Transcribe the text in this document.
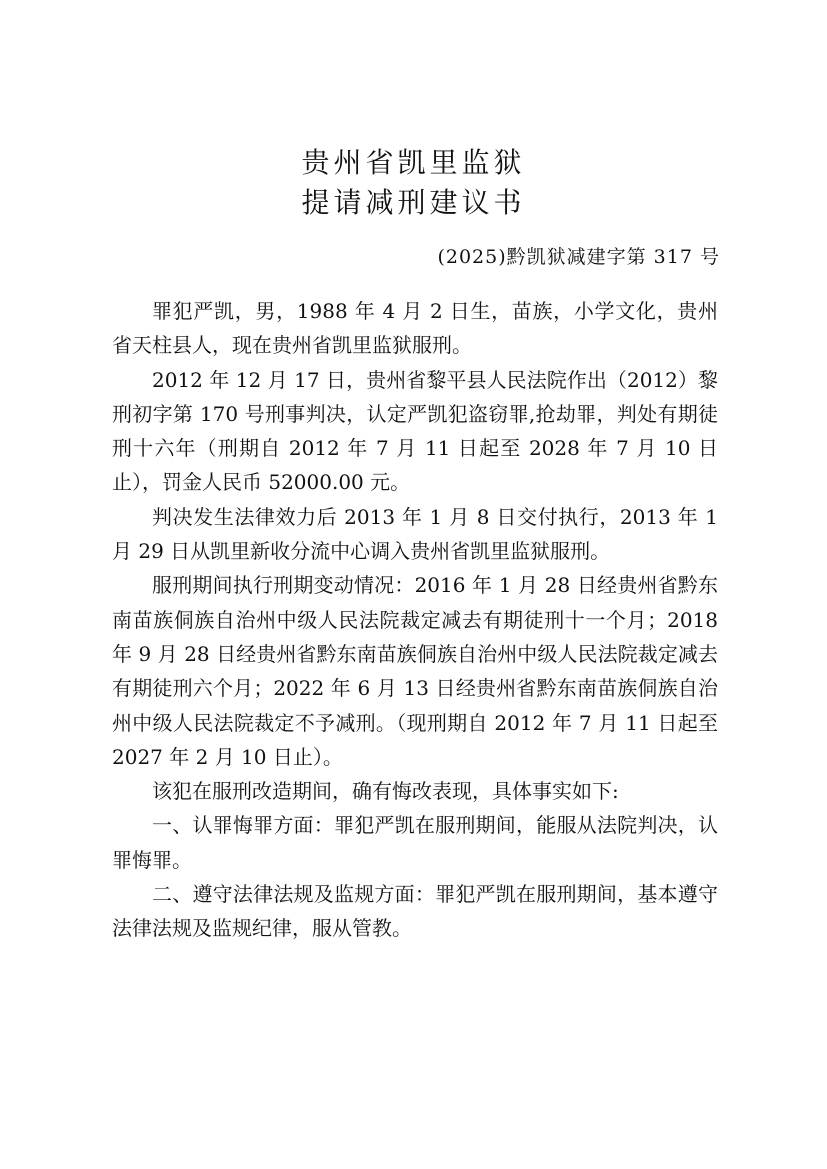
贵州省凯里监狱
提请减刑建议书
(2025)黔凯狱减建字第 317 号

罪犯严凯，男，1988 年 4 月 2 日生，苗族，小学文化，贵州省天柱县人，现在贵州省凯里监狱服刑。

2012 年 12 月 17 日，贵州省黎平县人民法院作出（2012）黎刑初字第 170 号刑事判决，认定严凯犯盗窃罪,抢劫罪，判处有期徒刑十六年（刑期自 2012 年 7 月 11 日起至 2028 年 7 月 10 日止），罚金人民币 52000.00 元。

判决发生法律效力后 2013 年 1 月 8 日交付执行，2013 年 1 月 29 日从凯里新收分流中心调入贵州省凯里监狱服刑。

服刑期间执行刑期变动情况：2016 年 1 月 28 日经贵州省黔东南苗族侗族自治州中级人民法院裁定减去有期徒刑十一个月；2018 年 9 月 28 日经贵州省黔东南苗族侗族自治州中级人民法院裁定减去有期徒刑六个月；2022 年 6 月 13 日经贵州省黔东南苗族侗族自治州中级人民法院裁定不予减刑。（现刑期自 2012 年 7 月 11 日起至 2027 年 2 月 10 日止）。

该犯在服刑改造期间，确有悔改表现，具体事实如下:

一、认罪悔罪方面：罪犯严凯在服刑期间，能服从法院判决，认罪悔罪。

二、遵守法律法规及监规方面：罪犯严凯在服刑期间，基本遵守法律法规及监规纪律，服从管教。
